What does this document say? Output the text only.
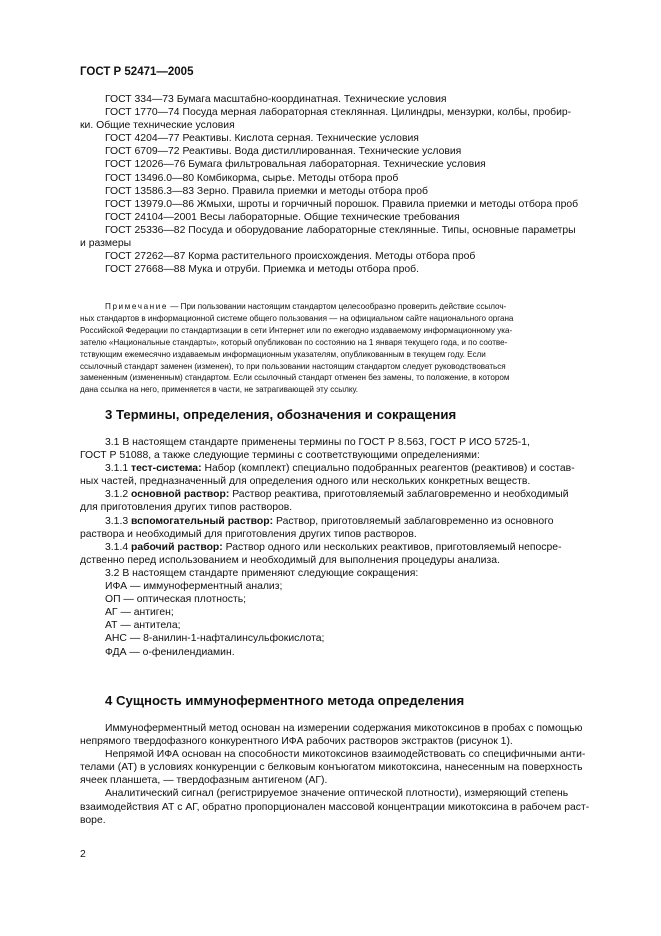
ГОСТ Р 52471—2005
ГОСТ 334—73 Бумага масштабно-координатная. Технические условия
ГОСТ 1770—74 Посуда мерная лабораторная стеклянная. Цилиндры, мензурки, колбы, пробир-
ки. Общие технические условия
ГОСТ 4204—77 Реактивы. Кислота серная. Технические условия
ГОСТ 6709—72 Реактивы. Вода дистиллированная. Технические условия
ГОСТ 12026—76 Бумага фильтровальная лабораторная. Технические условия
ГОСТ 13496.0—80 Комбикорма, сырье. Методы отбора проб
ГОСТ 13586.3—83 Зерно. Правила приемки и методы отбора проб
ГОСТ 13979.0—86 Жмыхи, шроты и горчичный порошок. Правила приемки и методы отбора проб
ГОСТ 24104—2001 Весы лабораторные. Общие технические требования
ГОСТ 25336—82 Посуда и оборудование лабораторные стеклянные. Типы, основные параметры
и размеры
ГОСТ 27262—87 Корма растительного происхождения. Методы отбора проб
ГОСТ 27668—88 Мука и отруби. Приемка и методы отбора проб.
Примечание — При пользовании настоящим стандартом целесообразно проверить действие ссылоч-
ных стандартов в информационной системе общего пользования — на официальном сайте национального органа
Российской Федерации по стандартизации в сети Интернет или по ежегодно издаваемому информационному ука-
зателю «Национальные стандарты», который опубликован по состоянию на 1 января текущего года, и по соотве-
тствующим ежемесячно издаваемым информационным указателям, опубликованным в текущем году. Если
ссылочный стандарт заменен (изменен), то при пользовании настоящим стандартом следует руководствоваться
замененным (измененным) стандартом. Если ссылочный стандарт отменен без замены, то положение, в котором
дана ссылка на него, применяется в части, не затрагивающей эту ссылку.
3 Термины, определения, обозначения и сокращения
3.1 В настоящем стандарте применены термины по ГОСТ Р 8.563, ГОСТ Р ИСО 5725-1,
ГОСТ Р 51088, а также следующие термины с соответствующими определениями:
3.1.1 тест-система: Набор (комплект) специально подобранных реагентов (реактивов) и состав-
ных частей, предназначенный для определения одного или нескольких конкретных веществ.
3.1.2 основной раствор: Раствор реактива, приготовляемый заблаговременно и необходимый
для приготовления других типов растворов.
3.1.3 вспомогательный раствор: Раствор, приготовляемый заблаговременно из основного
раствора и необходимый для приготовления других типов растворов.
3.1.4 рабочий раствор: Раствор одного или нескольких реактивов, приготовляемый непосре-
дственно перед использованием и необходимый для выполнения процедуры анализа.
3.2 В настоящем стандарте применяют следующие сокращения:
ИФА — иммуноферментный анализ;
ОП — оптическая плотность;
АГ — антиген;
АТ — антитела;
АНС — 8-анилин-1-нафталинсульфокислота;
ФДА — о-фенилендиамин.
4 Сущность иммуноферментного метода определения
Иммуноферментный метод основан на измерении содержания микотоксинов в пробах с помощью
непрямого твердофазного конкурентного ИФА рабочих растворов экстрактов (рисунок 1).
Непрямой ИФА основан на способности микотоксинов взаимодействовать со специфичными анти-
телами (АТ) в условиях конкуренции с белковым конъюгатом микотоксина, нанесенным на поверхность
ячеек планшета, — твердофазным антигеном (АГ).
Аналитический сигнал (регистрируемое значение оптической плотности), измеряющий степень
взаимодействия АТ с АГ, обратно пропорционален массовой концентрации микотоксина в рабочем раст-
воре.
2
